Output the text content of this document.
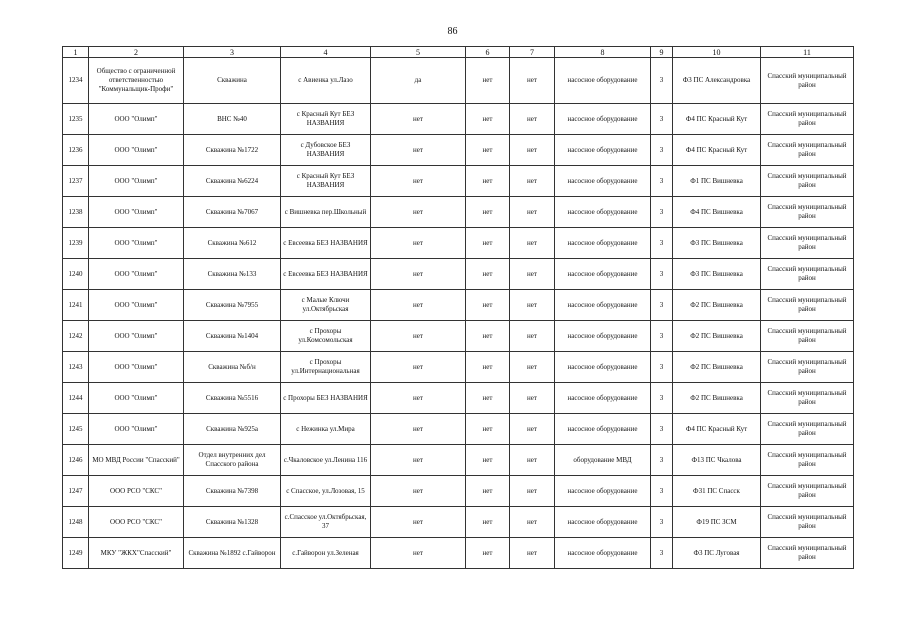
86
1	2	3	4	5	6	7	8	9	10	11
1234	Общество с ограниченной ответственностью "Коммунальщик-Профи"	Скважина	с Авиенка ул.Лазо	да	нет	нет	насосное оборудование	3	Ф3 ПС Александровка	Спасский муниципальный район
1235	ООО "Олимп"	ВНС №40	с Красный Кут БЕЗ НАЗВАНИЯ	нет	нет	нет	насосное оборудование	3	Ф4 ПС Красный Кут	Спасский муниципальный район
1236	ООО "Олимп"	Скважина №1722	с Дубовское БЕЗ НАЗВАНИЯ	нет	нет	нет	насосное оборудование	3	Ф4 ПС Красный Кут	Спасский муниципальный район
1237	ООО "Олимп"	Скважина №6224	с Красный Кут БЕЗ НАЗВАНИЯ	нет	нет	нет	насосное оборудование	3	Ф1 ПС Вишневка	Спасский муниципальный район
1238	ООО "Олимп"	Скважина №7067	с Вишневка пер.Школьный	нет	нет	нет	насосное оборудование	3	Ф4 ПС Вишневка	Спасский муниципальный район
1239	ООО "Олимп"	Скважина №612	с Евсеевка БЕЗ НАЗВАНИЯ	нет	нет	нет	насосное оборудование	3	Ф3 ПС Вишневка	Спасский муниципальный район
1240	ООО "Олимп"	Скважина №133	с Евсеевка БЕЗ НАЗВАНИЯ	нет	нет	нет	насосное оборудование	3	Ф3 ПС Вишневка	Спасский муниципальный район
1241	ООО "Олимп"	Скважина №7955	с Малые Ключи ул.Октябрьская	нет	нет	нет	насосное оборудование	3	Ф2 ПС Вишневка	Спасский муниципальный район
1242	ООО "Олимп"	Скважина №1404	с Прохоры ул.Комсомольская	нет	нет	нет	насосное оборудование	3	Ф2 ПС Вишневка	Спасский муниципальный район
1243	ООО "Олимп"	Скважина №б/н	с Прохоры ул.Интернациональная	нет	нет	нет	насосное оборудование	3	Ф2 ПС Вишневка	Спасский муниципальный район
1244	ООО "Олимп"	Скважина №5516	с Прохоры БЕЗ НАЗВАНИЯ	нет	нет	нет	насосное оборудование	3	Ф2 ПС Вишневка	Спасский муниципальный район
1245	ООО "Олимп"	Скважина №925а	с Нежинка ул.Мира	нет	нет	нет	насосное оборудование	3	Ф4 ПС Красный Кут	Спасский муниципальный район
1246	МО МВД России "Спасский"	Отдел внутренних дел Спасского района	с.Чкаловское ул.Ленина 116	нет	нет	нет	оборудование МВД	3	Ф13 ПС Чкалова	Спасский муниципальный район
1247	ООО РСО "СКС"	Скважина №7398	с Спасское, ул.Лозовая, 15	нет	нет	нет	насосное оборудование	3	Ф31 ПС Спасск	Спасский муниципальный район
1248	ООО РСО "СКС"	Скважина №1328	с.Спасское ул.Октябрьская, 37	нет	нет	нет	насосное оборудование	3	Ф19 ПС ЗСМ	Спасский муниципальный район
1249	МКУ "ЖКХ"Спасский"	Скважина №1892 с.Гайворон	с.Гайворон ул.Зеленая	нет	нет	нет	насосное оборудование	3	Ф3 ПС Луговая	Спасский муниципальный район
